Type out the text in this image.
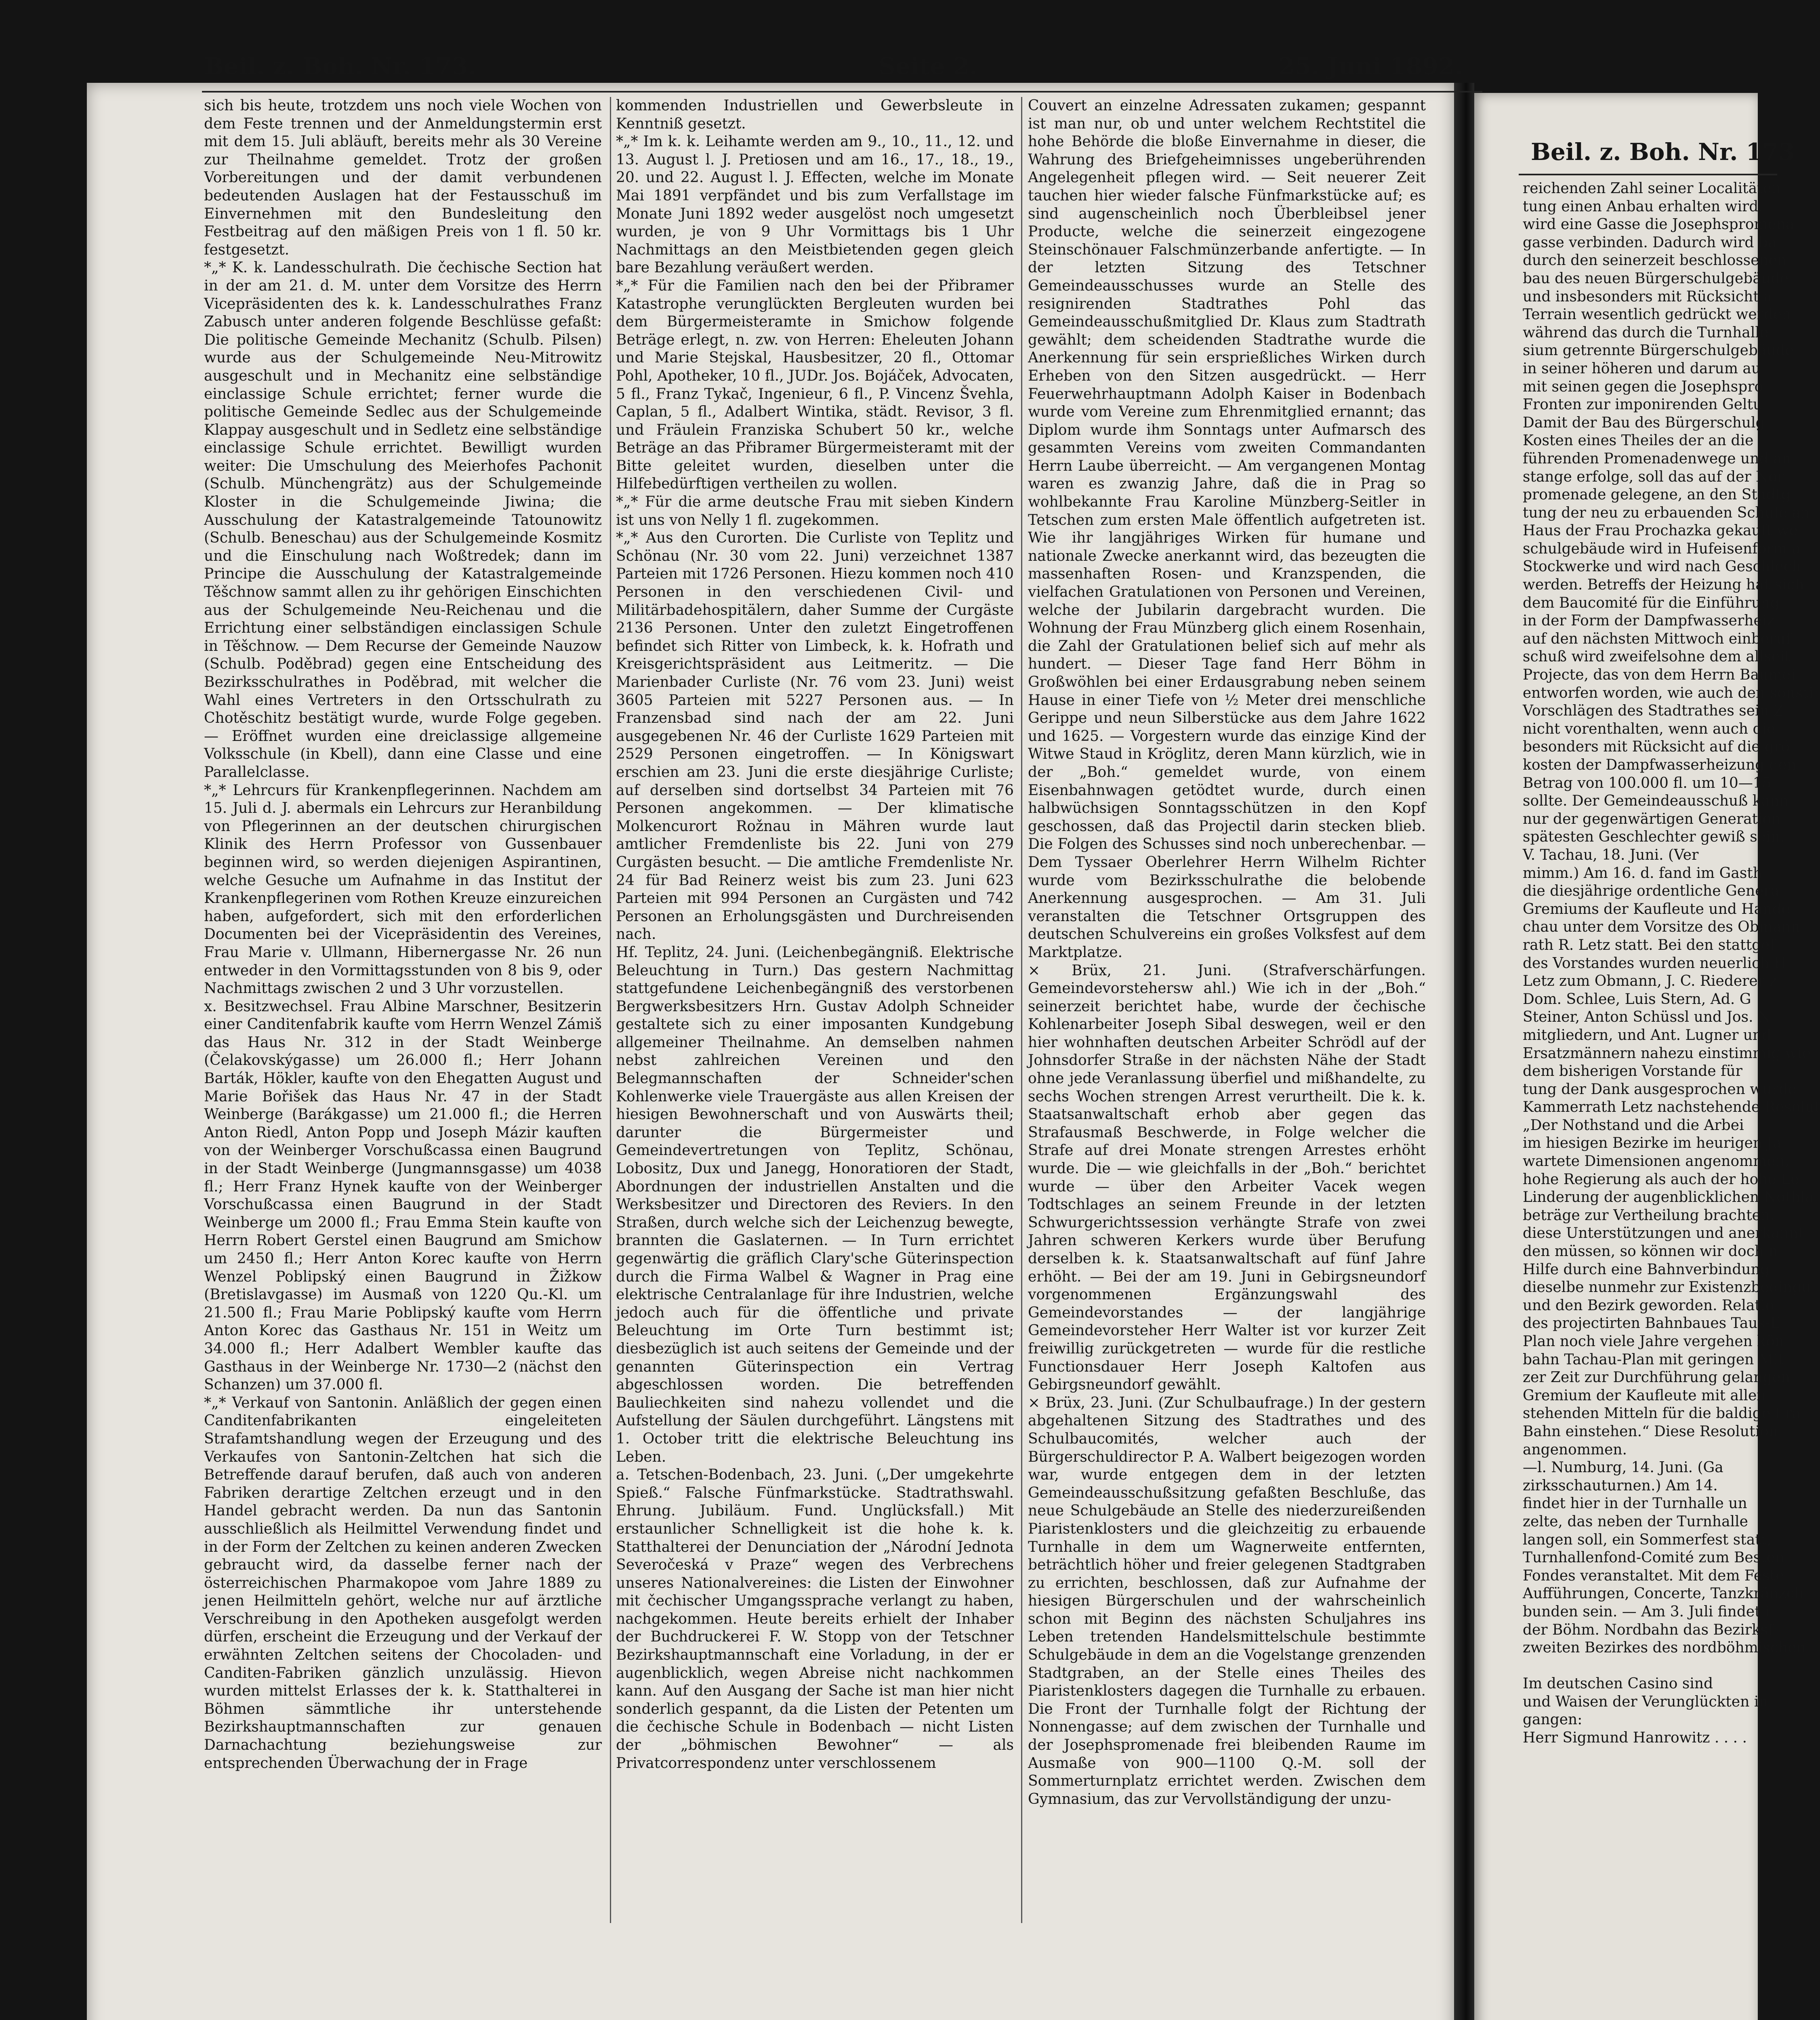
Beil. z. Boh. Nr. 173
reichenden Zahl seiner Localitäten
tung einen Anbau erhalten wird.
wird eine Gasse die Josephspromena
gasse verbinden. Dadurch wird ba
durch den seinerzeit beschlossenen
bau des neuen Bürgerschulgebäude
und insbesonders mit Rücksicht a
Terrain wesentlich gedrückt werden
während das durch die Turnhalle
sium getrennte Bürgerschulgebäude
in seiner höheren und darum au
mit seinen gegen die Josephspro
Fronten zur imponirenden Geltu
Damit der Bau des Bürgerschulg
Kosten eines Theiles der an die
führenden Promenadenwege und an
stange erfolge, soll das auf der Nor
promenade gelegene, an den Stadtg
tung der neu zu erbauenden Schule an
Haus der Frau Prochazka gekauft we
schulgebäude wird in Hufeisenform a
Stockwerke und wird nach Geschlech
werden. Betreffs der Heizung hat sich
dem Baucomité für die Einführung
in der Form der Dampfwasserheiz
auf den nächsten Mittwoch einberuf
schuß wird zweifelsohne dem allseit
Projecte, das von dem Herrn Baumei
entworfen worden, wie auch den sonsti
Vorschlägen des Stadtrathes sein Z
nicht vorenthalten, wenn auch die
besonders mit Rücksicht auf die grö
kosten der Dampfwasserheizung den
Betrag von 100.000 fl. um 10—15
sollte. Der Gemeindeausschuß kann
nur der gegenwärtigen Generation
spätesten Geschlechter gewiß sein.
V. Tachau, 18. Juni. (Ver
mimm.) Am 16. d. fand im Gasth
die diesjährige ordentliche Genera
Gremiums der Kaufleute und Hande
chau unter dem Vorsitze des Obmann
rath R. Letz statt. Bei den stattgef
des Vorstandes wurden neuerlich H
Letz zum Obmann, J. C. Riederer z
Dom. Schlee, Luis Stern, Ad. G
Steiner, Anton Schüssl und Jos. N
mitgliedern, und Ant. Lugner und
Ersatzmännern nahezu einstimmig wie
dem bisherigen Vorstande für
tung der Dank ausgesprochen wurde
Kammerrath Letz nachstehende Resolut
„Der Nothstand und die Arbei
im hiesigen Bezirke im heurigen Ja
wartete Dimensionen angenommen,
hohe Regierung als auch der hohe Le
Linderung der augenblicklichen Nothla
beträge zur Vertheilung brachten.
diese Unterstützungen und anerkannt
den müssen, so können wir doch n
Hilfe durch eine Bahnverbindung
dieselbe nunmehr zur Existenzbedingu
und den Bezirk geworden. Relatio
des projectirten Bahnbaues Taus-E
Plan noch viele Jahre vergehen kön
bahn Tachau-Plan mit geringen Mit
zer Zeit zur Durchführung gelangen
Gremium der Kaufleute mit allen
stehenden Mitteln für die baldige Fra
Bahn einstehen.“ Diese Resolution
angenommen.
—l. Numburg, 14. Juni. (Ga
zirksschauturnen.) Am 14.
findet hier in der Turnhalle un
zelte, das neben der Turnhalle
langen soll, ein Sommerfest statt,
Turnhallenfond-Comité zum Besten
Fondes veranstaltet. Mit dem Feste
Aufführungen, Concerte, Tanzkränzch
bunden sein. — Am 3. Juli findet i
der Böhm. Nordbahn das Bezirksf
zweiten Bezirkes des nordböhmischen
Im deutschen Casino sind
und Waisen der Verunglückten in
gangen:
Herr Sigmund Hanrowitz . . . .
Beil. z. Boh. Nr. 173.	Seite 2.	25. Juni 1892.

sich bis heute, trotzdem uns noch viele Wochen von dem Feste trennen und der Anmeldungstermin erst mit dem 15. Juli abläuft, bereits mehr als 30 Vereine zur Theilnahme gemeldet. Trotz der großen Vorbereitungen und der damit verbundenen bedeutenden Auslagen hat der Festausschuß im Einvernehmen mit den Bundesleitung den Festbeitrag auf den mäßigen Preis von 1 fl. 50 kr. festgesetzt.

*„* K. k. Landesschulrath. Die čechische Section hat in der am 21. d. M. unter dem Vorsitze des Herrn Vicepräsidenten des k. k. Landesschulrathes Franz Zabusch unter anderen folgende Beschlüsse gefaßt: Die politische Gemeinde Mechanitz (Schulb. Pilsen) wurde aus der Schulgemeinde Neu-Mitrowitz ausgeschult und in Mechanitz eine selbständige einclassige Schule errichtet; ferner wurde die politische Gemeinde Sedlec aus der Schulgemeinde Klappay ausgeschult und in Sedletz eine selbständige einclassige Schule errichtet. Bewilligt wurden weiter: Die Umschulung des Meierhofes Pachonit (Schulb. Münchengrätz) aus der Schulgemeinde Kloster in die Schulgemeinde Jiwina; die Ausschulung der Katastralgemeinde Tatounowitz (Schulb. Beneschau) aus der Schulgemeinde Kosmitz und die Einschulung nach Woßtredek; dann im Principe die Ausschulung der Katastralgemeinde Těšchnow sammt allen zu ihr gehörigen Einschichten aus der Schulgemeinde Neu-Reichenau und die Errichtung einer selbständigen einclassigen Schule in Těšchnow. — Dem Recurse der Gemeinde Nauzow (Schulb. Poděbrad) gegen eine Entscheidung des Bezirksschulrathes in Poděbrad, mit welcher die Wahl eines Vertreters in den Ortsschulrath zu Chotěschitz bestätigt wurde, wurde Folge gegeben. — Eröffnet wurden eine dreiclassige allgemeine Volksschule (in Kbell), dann eine Classe und eine Parallelclasse.

*„* Lehrcurs für Krankenpflegerinnen. Nachdem am 15. Juli d. J. abermals ein Lehrcurs zur Heranbildung von Pflegerinnen an der deutschen chirurgischen Klinik des Herrn Professor von Gussenbauer beginnen wird, so werden diejenigen Aspirantinen, welche Gesuche um Aufnahme in das Institut der Krankenpflegerinen vom Rothen Kreuze einzureichen haben, aufgefordert, sich mit den erforderlichen Documenten bei der Vicepräsidentin des Vereines, Frau Marie v. Ullmann, Hibernergasse Nr. 26 nun entweder in den Vormittagsstunden von 8 bis 9, oder Nachmittags zwischen 2 und 3 Uhr vorzustellen.

x. Besitzwechsel. Frau Albine Marschner, Besitzerin einer Canditenfabrik kaufte vom Herrn Wenzel Zámiš das Haus Nr. 312 in der Stadt Weinberge (Čelakovskýgasse) um 26.000 fl.; Herr Johann Barták, Hökler, kaufte von den Ehegatten August und Marie Bořišek das Haus Nr. 47 in der Stadt Weinberge (Barákgasse) um 21.000 fl.; die Herren Anton Riedl, Anton Popp und Joseph Mázir kauften von der Weinberger Vorschußcassa einen Baugrund in der Stadt Weinberge (Jungmannsgasse) um 4038 fl.; Herr Franz Hynek kaufte von der Weinberger Vorschußcassa einen Baugrund in der Stadt Weinberge um 2000 fl.; Frau Emma Stein kaufte von Herrn Robert Gerstel einen Baugrund am Smichow um 2450 fl.; Herr Anton Korec kaufte von Herrn Wenzel Poblipský einen Baugrund in Žižkow (Bretislavgasse) im Ausmaß von 1220 Qu.-Kl. um 21.500 fl.; Frau Marie Poblipský kaufte vom Herrn Anton Korec das Gasthaus Nr. 151 in Weitz um 34.000 fl.; Herr Adalbert Wembler kaufte das Gasthaus in der Weinberge Nr. 1730—2 (nächst den Schanzen) um 37.000 fl.

*„* Verkauf von Santonin. Anläßlich der gegen einen Canditenfabrikanten eingeleiteten Strafamtshandlung wegen der Erzeugung und des Verkaufes von Santonin-Zeltchen hat sich die Betreffende darauf berufen, daß auch von anderen Fabriken derartige Zeltchen erzeugt und in den Handel gebracht werden. Da nun das Santonin ausschließlich als Heilmittel Verwendung findet und in der Form der Zeltchen zu keinen anderen Zwecken gebraucht wird, da dasselbe ferner nach der österreichischen Pharmakopoe vom Jahre 1889 zu jenen Heilmitteln gehört, welche nur auf ärztliche Verschreibung in den Apotheken ausgefolgt werden dürfen, erscheint die Erzeugung und der Verkauf der erwähnten Zeltchen seitens der Chocoladen- und Canditen-Fabriken gänzlich unzulässig. Hievon wurden mittelst Erlasses der k. k. Statthalterei in Böhmen sämmtliche ihr unterstehende Bezirkshauptmannschaften zur genauen Darnachachtung beziehungsweise zur entsprechenden Überwachung der in Frage

kommenden Industriellen und Gewerbsleute in Kenntniß gesetzt.

*„* Im k. k. Leihamte werden am 9., 10., 11., 12. und 13. August l. J. Pretiosen und am 16., 17., 18., 19., 20. und 22. August l. J. Effecten, welche im Monate Mai 1891 verpfändet und bis zum Verfallstage im Monate Juni 1892 weder ausgelöst noch umgesetzt wurden, je von 9 Uhr Vormittags bis 1 Uhr Nachmittags an den Meistbietenden gegen gleich bare Bezahlung veräußert werden.

*„* Für die Familien nach den bei der Přibramer Katastrophe verunglückten Bergleuten wurden bei dem Bürgermeisteramte in Smichow folgende Beträge erlegt, n. zw. von Herren: Eheleuten Johann und Marie Stejskal, Hausbesitzer, 20 fl., Ottomar Pohl, Apotheker, 10 fl., JUDr. Jos. Bojáček, Advocaten, 5 fl., Franz Tykač, Ingenieur, 6 fl., P. Vincenz Švehla, Caplan, 5 fl., Adalbert Wintika, städt. Revisor, 3 fl. und Fräulein Franziska Schubert 50 kr., welche Beträge an das Přibramer Bürgermeisteramt mit der Bitte geleitet wurden, dieselben unter die Hilfebedürftigen vertheilen zu wollen.

*„* Für die arme deutsche Frau mit sieben Kindern ist uns von Nelly 1 fl. zugekommen.

*„* Aus den Curorten. Die Curliste von Teplitz und Schönau (Nr. 30 vom 22. Juni) verzeichnet 1387 Parteien mit 1726 Personen. Hiezu kommen noch 410 Personen in den verschiedenen Civil- und Militärbadehospitälern, daher Summe der Curgäste 2136 Personen. Unter den zuletzt Eingetroffenen befindet sich Ritter von Limbeck, k. k. Hofrath und Kreisgerichtspräsident aus Leitmeritz. — Die Marienbader Curliste (Nr. 76 vom 23. Juni) weist 3605 Parteien mit 5227 Personen aus. — In Franzensbad sind nach der am 22. Juni ausgegebenen Nr. 46 der Curliste 1629 Parteien mit 2529 Personen eingetroffen. — In Königswart erschien am 23. Juni die erste diesjährige Curliste; auf derselben sind dortselbst 34 Parteien mit 76 Personen angekommen. — Der klimatische Molkencurort Rožnau in Mähren wurde laut amtlicher Fremdenliste bis 22. Juni von 279 Curgästen besucht. — Die amtliche Fremdenliste Nr. 24 für Bad Reinerz weist bis zum 23. Juni 623 Parteien mit 994 Personen an Curgästen und 742 Personen an Erholungsgästen und Durchreisenden nach.

Hf. Teplitz, 24. Juni. (Leichenbegängniß. Elektrische Beleuchtung in Turn.) Das gestern Nachmittag stattgefundene Leichenbegängniß des verstorbenen Bergwerksbesitzers Hrn. Gustav Adolph Schneider gestaltete sich zu einer imposanten Kundgebung allgemeiner Theilnahme. An demselben nahmen nebst zahlreichen Vereinen und den Belegmannschaften der Schneider'schen Kohlenwerke viele Trauergäste aus allen Kreisen der hiesigen Bewohnerschaft und von Auswärts theil; darunter die Bürgermeister und Gemeindevertretungen von Teplitz, Schönau, Lobositz, Dux und Janegg, Honoratioren der Stadt, Abordnungen der industriellen Anstalten und die Werksbesitzer und Directoren des Reviers. In den Straßen, durch welche sich der Leichenzug bewegte, brannten die Gaslaternen. — In Turn errichtet gegenwärtig die gräflich Clary'sche Güterinspection durch die Firma Walbel & Wagner in Prag eine elektrische Centralanlage für ihre Industrien, welche jedoch auch für die öffentliche und private Beleuchtung im Orte Turn bestimmt ist; diesbezüglich ist auch seitens der Gemeinde und der genannten Güterinspection ein Vertrag abgeschlossen worden. Die betreffenden Bauliechkeiten sind nahezu vollendet und die Aufstellung der Säulen durchgeführt. Längstens mit 1. October tritt die elektrische Beleuchtung ins Leben.

a. Tetschen-Bodenbach, 23. Juni. („Der umgekehrte Spieß.“ Falsche Fünfmarkstücke. Stadtrathswahl. Ehrung. Jubiläum. Fund. Unglücksfall.) Mit erstaunlicher Schnelligkeit ist die hohe k. k. Statthalterei der Denunciation der „Národní Jednota Severočeská v Praze“ wegen des Verbrechens unseres Nationalvereines: die Listen der Einwohner mit čechischer Umgangssprache verlangt zu haben, nachgekommen. Heute bereits erhielt der Inhaber der Buchdruckerei F. W. Stopp von der Tetschner Bezirkshauptmannschaft eine Vorladung, in der er augenblicklich, wegen Abreise nicht nachkommen kann. Auf den Ausgang der Sache ist man hier nicht sonderlich gespannt, da die Listen der Petenten um die čechische Schule in Bodenbach — nicht Listen der „böhmischen Bewohner“ — als Privatcorrespondenz unter verschlossenem

Couvert an einzelne Adressaten zukamen; gespannt ist man nur, ob und unter welchem Rechtstitel die hohe Behörde die bloße Einvernahme in dieser, die Wahrung des Briefgeheimnisses ungeberührenden Angelegenheit pflegen wird. — Seit neuerer Zeit tauchen hier wieder falsche Fünfmarkstücke auf; es sind augenscheinlich noch Überbleibsel jener Producte, welche die seinerzeit eingezogene Steinschönauer Falschmünzerbande anfertigte. — In der letzten Sitzung des Tetschner Gemeindeausschusses wurde an Stelle des resignirenden Stadtrathes Pohl das Gemeindeausschußmitglied Dr. Klaus zum Stadtrath gewählt; dem scheidenden Stadtrathe wurde die Anerkennung für sein ersprießliches Wirken durch Erheben von den Sitzen ausgedrückt. — Herr Feuerwehrhauptmann Adolph Kaiser in Bodenbach wurde vom Vereine zum Ehrenmitglied ernannt; das Diplom wurde ihm Sonntags unter Aufmarsch des gesammten Vereins vom zweiten Commandanten Herrn Laube überreicht. — Am vergangenen Montag waren es zwanzig Jahre, daß die in Prag so wohlbekannte Frau Karoline Münzberg-Seitler in Tetschen zum ersten Male öffentlich aufgetreten ist. Wie ihr langjähriges Wirken für humane und nationale Zwecke anerkannt wird, das bezeugten die massenhaften Rosen- und Kranzspenden, die vielfachen Gratulationen von Personen und Vereinen, welche der Jubilarin dargebracht wurden. Die Wohnung der Frau Münzberg glich einem Rosenhain, die Zahl der Gratulationen belief sich auf mehr als hundert. — Dieser Tage fand Herr Böhm in Großwöhlen bei einer Erdausgrabung neben seinem Hause in einer Tiefe von ½ Meter drei menschliche Gerippe und neun Silberstücke aus dem Jahre 1622 und 1625. — Vorgestern wurde das einzige Kind der Witwe Staud in Kröglitz, deren Mann kürzlich, wie in der „Boh.“ gemeldet wurde, von einem Eisenbahnwagen getödtet wurde, durch einen halbwüchsigen Sonntagsschützen in den Kopf geschossen, daß das Projectil darin stecken blieb. Die Folgen des Schusses sind noch unberechenbar. — Dem Tyssaer Oberlehrer Herrn Wilhelm Richter wurde vom Bezirksschulrathe die belobende Anerkennung ausgesprochen. — Am 31. Juli veranstalten die Tetschner Ortsgruppen des deutschen Schulvereins ein großes Volksfest auf dem Marktplatze.

× Brüx, 21. Juni. (Strafverschärfungen. Gemeindevorstehersw ahl.) Wie ich in der „Boh.“ seinerzeit berichtet habe, wurde der čechische Kohlenarbeiter Joseph Sibal deswegen, weil er den hier wohnhaften deutschen Arbeiter Schrödl auf der Johnsdorfer Straße in der nächsten Nähe der Stadt ohne jede Veranlassung überfiel und mißhandelte, zu sechs Wochen strengen Arrest verurtheilt. Die k. k. Staatsanwaltschaft erhob aber gegen das Strafausmaß Beschwerde, in Folge welcher die Strafe auf drei Monate strengen Arrestes erhöht wurde. Die — wie gleichfalls in der „Boh.“ berichtet wurde — über den Arbeiter Vacek wegen Todtschlages an seinem Freunde in der letzten Schwurgerichtssession verhängte Strafe von zwei Jahren schweren Kerkers wurde über Berufung derselben k. k. Staatsanwaltschaft auf fünf Jahre erhöht. — Bei der am 19. Juni in Gebirgsneundorf vorgenommenen Ergänzungswahl des Gemeindevorstandes — der langjährige Gemeindevorsteher Herr Walter ist vor kurzer Zeit freiwillig zurückgetreten — wurde für die restliche Functionsdauer Herr Joseph Kaltofen aus Gebirgsneundorf gewählt.

× Brüx, 23. Juni. (Zur Schulbaufrage.) In der gestern abgehaltenen Sitzung des Stadtrathes und des Schulbaucomités, welcher auch der Bürgerschuldirector P. A. Walbert beigezogen worden war, wurde entgegen dem in der letzten Gemeindeausschußsitzung gefaßten Beschluße, das neue Schulgebäude an Stelle des niederzureißenden Piaristenklosters und die gleichzeitig zu erbauende Turnhalle in dem um Wagnerweite entfernten, beträchtlich höher und freier gelegenen Stadtgraben zu errichten, beschlossen, daß zur Aufnahme der hiesigen Bürgerschulen und der wahrscheinlich schon mit Beginn des nächsten Schuljahres ins Leben tretenden Handelsmittelschule bestimmte Schulgebäude in dem an die Vogelstange grenzenden Stadtgraben, an der Stelle eines Theiles des Piaristenklosters dagegen die Turnhalle zu erbauen. Die Front der Turnhalle folgt der Richtung der Nonnengasse; auf dem zwischen der Turnhalle und der Josephspromenade frei bleibenden Raume im Ausmaße von 900—1100 Q.-M. soll der Sommerturnplatz errichtet werden. Zwischen dem Gymnasium, das zur Vervollständigung der unzu-
